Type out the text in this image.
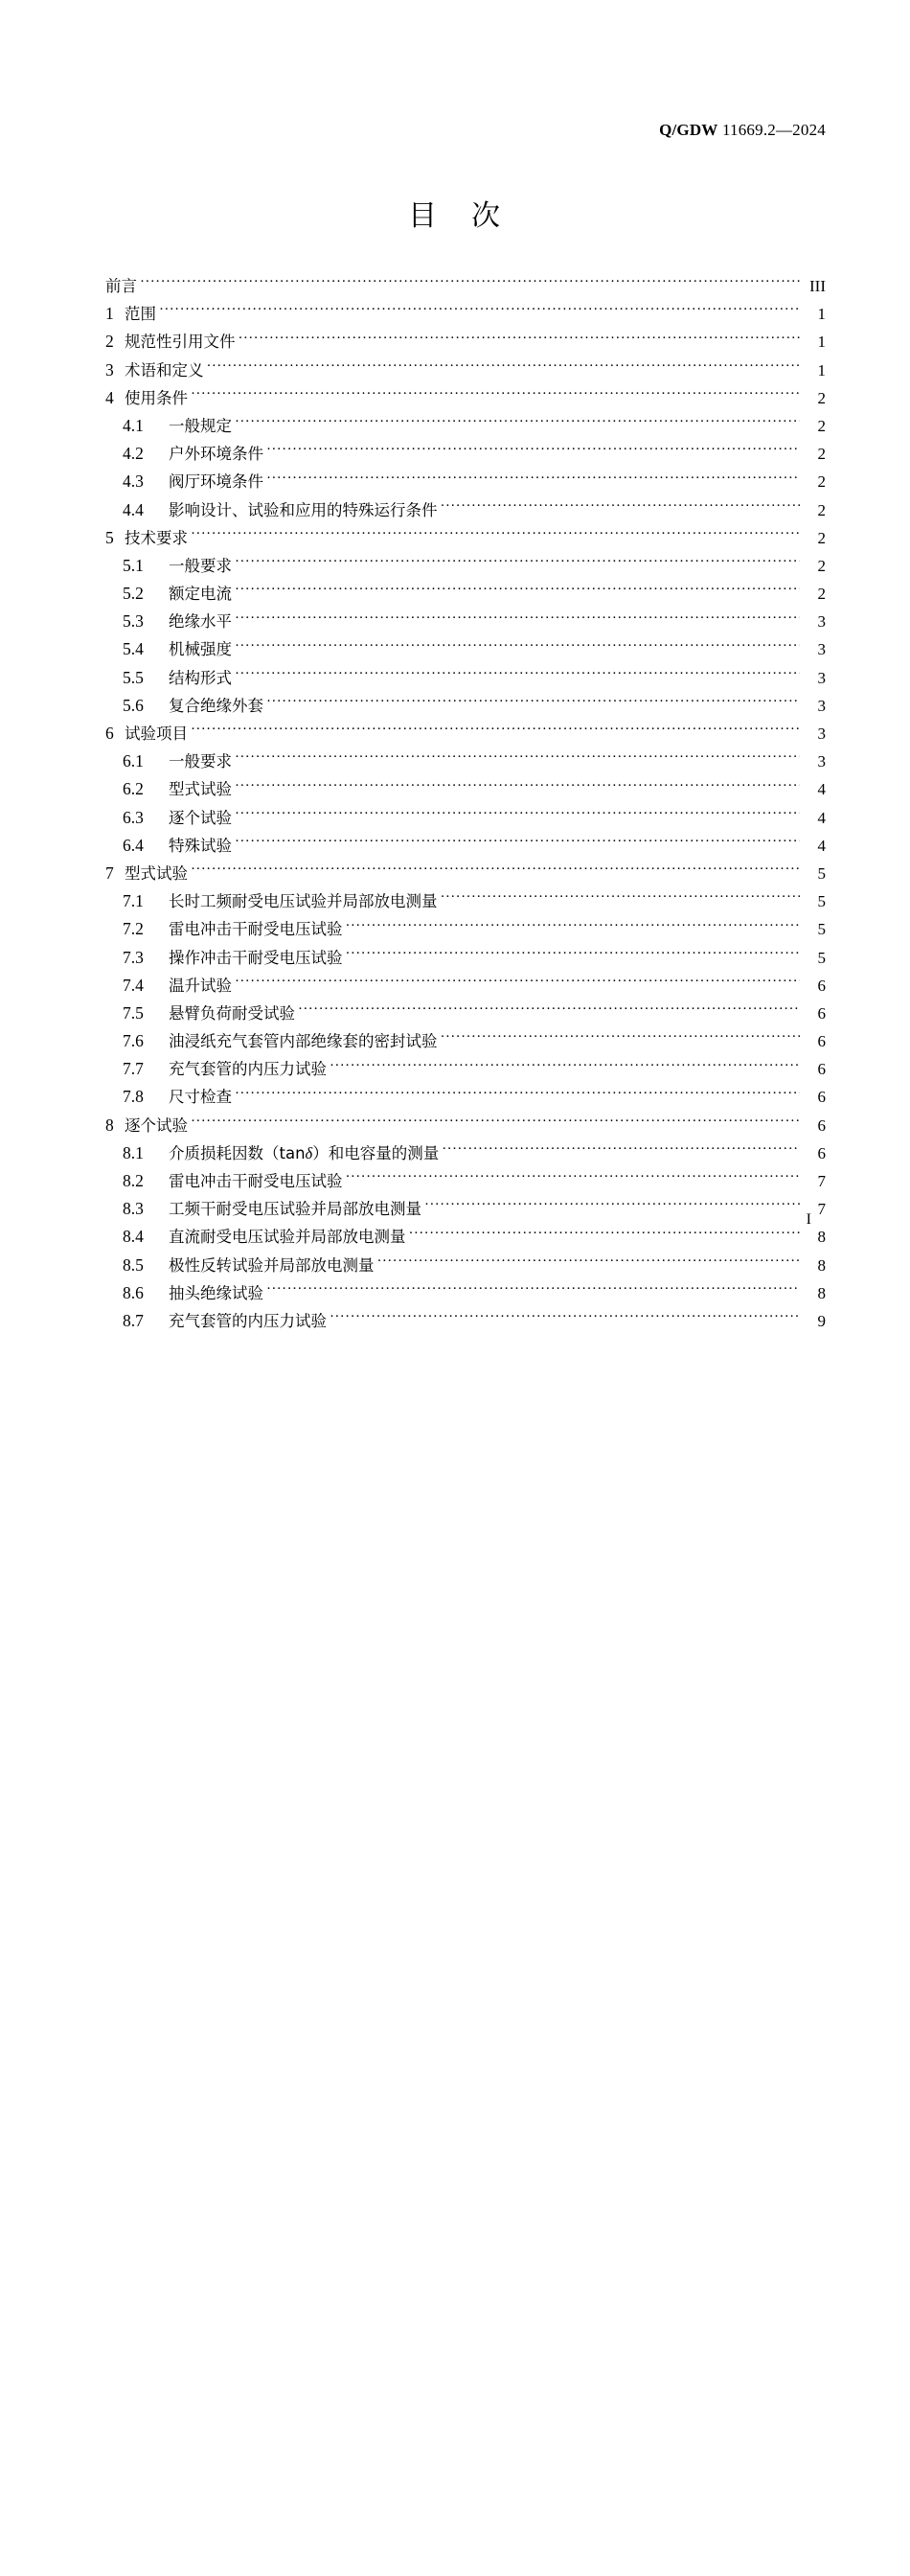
Q/GDW 11669.2—2024
目 次
前言 ·····	III
1 范围 ·····	1
2 规范性引用文件 ·····	1
3 术语和定义 ·····	1
4 使用条件 ·····	2
4.1	一般规定 ·····	2
4.2	户外环境条件 ·····	2
4.3	阀厅环境条件 ·····	2
4.4	影响设计、试验和应用的特殊运行条件 ·····	2
5 技术要求 ·····	2
5.1	一般要求 ·····	2
5.2	额定电流 ·····	2
5.3	绝缘水平 ·····	3
5.4	机械强度 ·····	3
5.5	结构形式 ·····	3
5.6	复合绝缘外套 ·····	3
6 试验项目 ·····	3
6.1	一般要求 ·····	3
6.2	型式试验 ·····	4
6.3	逐个试验 ·····	4
6.4	特殊试验 ·····	4
7 型式试验 ·····	5
7.1	长时工频耐受电压试验并局部放电测量 ·····	5
7.2	雷电冲击干耐受电压试验 ·····	5
7.3	操作冲击干耐受电压试验 ·····	5
7.4	温升试验 ·····	6
7.5	悬臂负荷耐受试验 ·····	6
7.6	油浸纸充气套管内部绝缘套的密封试验 ·····	6
7.7	充气套管的内压力试验 ·····	6
7.8	尺寸检查 ·····	6
8 逐个试验 ·····	6
8.1	介质损耗因数（tanδ）和电容量的测量 ·····	6
8.2	雷电冲击干耐受电压试验 ·····	7
8.3	工频干耐受电压试验并局部放电测量 ·····	7
8.4	直流耐受电压试验并局部放电测量 ·····	8
8.5	极性反转试验并局部放电测量 ·····	8
8.6	抽头绝缘试验 ·····	8
8.7	充气套管的内压力试验 ·····	9
I
